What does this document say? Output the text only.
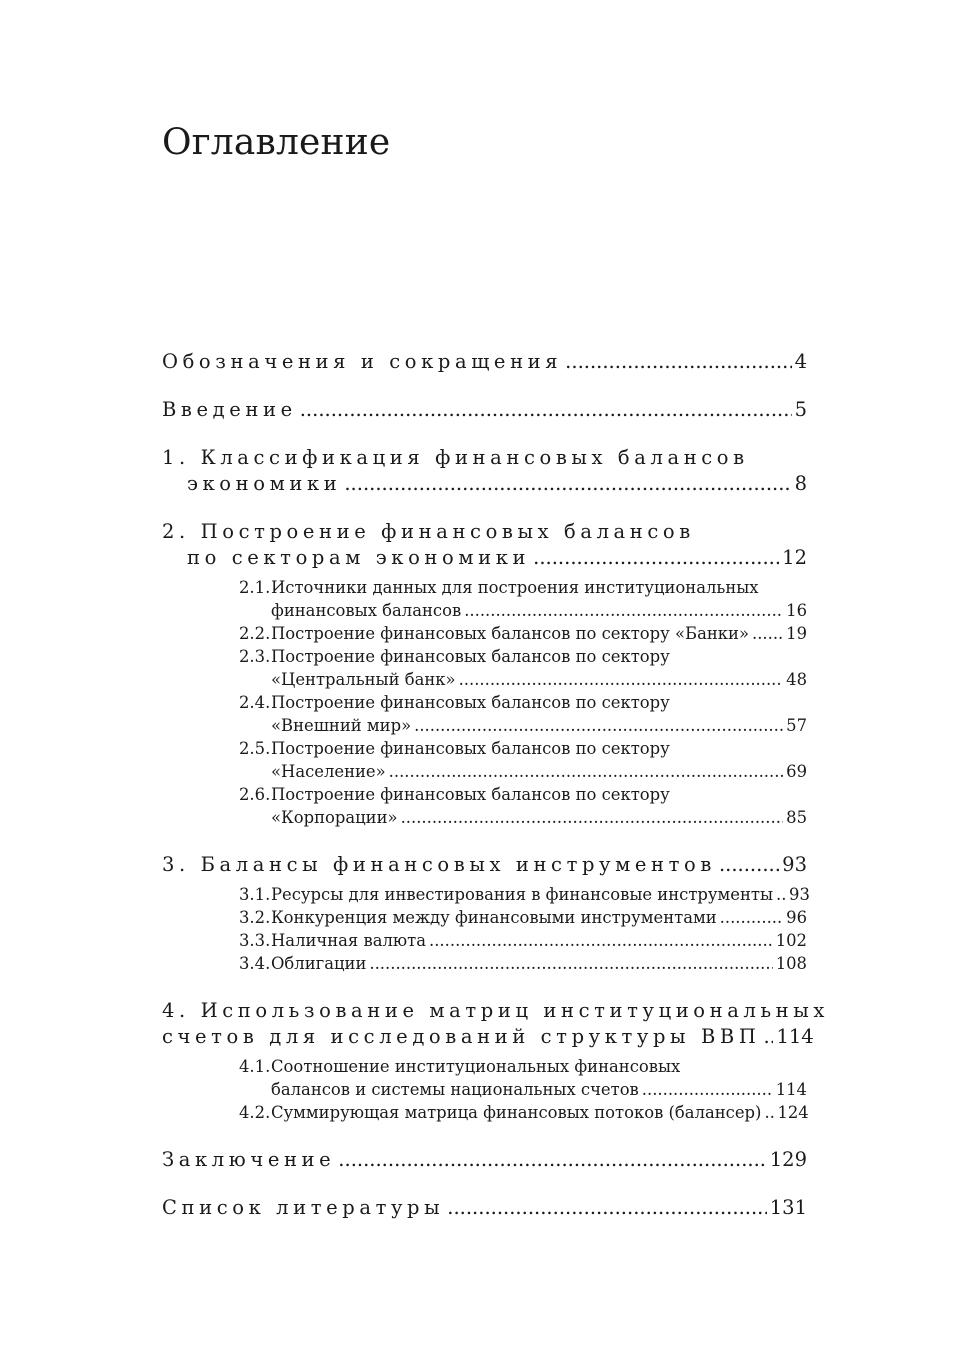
Оглавление
Обозначения и сокращения .....	4
Введение .....	5
1. Классификация финансовых балансов
экономики .....	8
2. Построение финансовых балансов
по секторам экономики .....	12
2.1. Источники данных для построения институциональных
финансовых балансов .....	16
2.2. Построение финансовых балансов по сектору «Банки» ..... 19
2.3. Построение финансовых балансов по сектору
«Центральный банк» .....	48
2.4. Построение финансовых балансов по сектору
«Внешний мир» .....	57
2.5. Построение финансовых балансов по сектору
«Население» .....	69
2.6. Построение финансовых балансов по сектору
«Корпорации» .....	85
3. Балансы финансовых инструментов .....	93
3.1. Ресурсы для инвестирования в финансовые инструменты ..... 93
3.2. Конкуренция между финансовыми инструментами .....	96
3.3. Наличная валюта .....	102
3.4. Облигации .....	108
4. Использование матриц институциональных
счетов для исследований структуры ВВП ..... 114
4.1. Соотношение институциональных финансовых
балансов и системы национальных счетов .....	114
4.2. Суммирующая матрица финансовых потоков (балансер) ..... 124
Заключение .....	129
Список литературы .....	131
